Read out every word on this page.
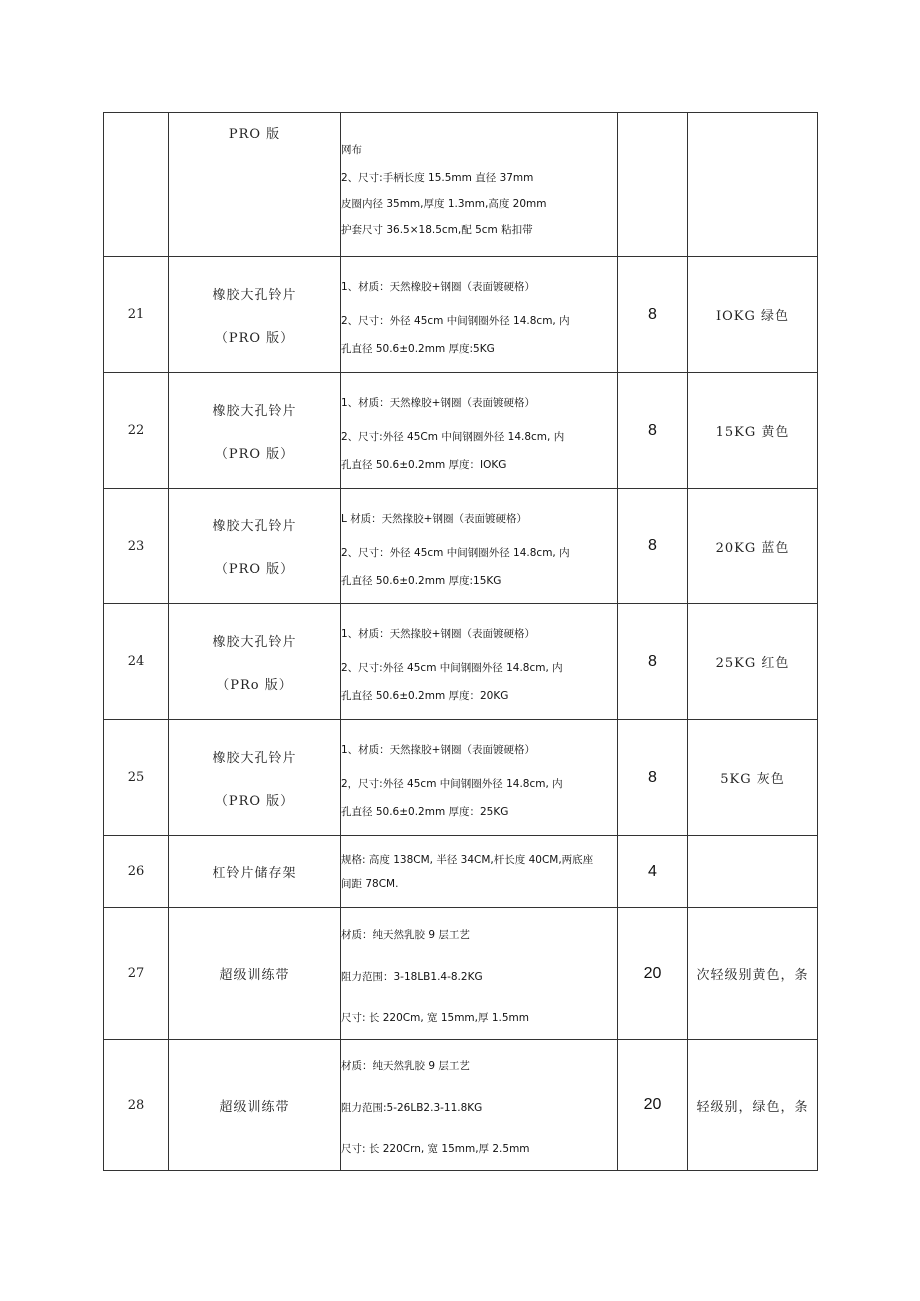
	PRO 版	网布
2、尺寸:手柄长度 15.5mm 直径 37mm
皮圈内径 35mm,厚度 1.3mm,高度 20mm
护套尺寸 36.5×18.5cm,配 5cm 粘扣带		

21	橡胶大孔铃片
（PRO 版）	1、材质：天然橡胶+钢圈（表面镀硬格）
2、尺寸：外径 45cm 中间钢圈外径 14.8cm, 内
孔直径 50.6±0.2mm 厚度:5KG	8	IOKG 绿色
22	橡胶大孔铃片
（PRO 版）	1、材质：天然橡胶+钢圈（表面镀硬格）
2、尺寸:外径 45Cm 中间钢圈外径 14.8cm, 内
孔直径 50.6±0.2mm 厚度：IOKG	8	15KG 黄色
23	橡胶大孔铃片
（PRO 版）	L 材质：天然掾胶+钢圈（表面镀硬格）
2、尺寸：外径 45cm 中间钢圈外径 14.8cm, 内
孔直径 50.6±0.2mm 厚度:15KG	8	20KG 蓝色
24	橡胶大孔铃片
（PRo 版）	1、材质：天然掾胶+钢圈（表面镀硬格）
2、尺寸:外径 45cm 中间钢圈外径 14.8cm, 内
孔直径 50.6±0.2mm 厚度：20KG	8	25KG 红色
25	橡胶大孔铃片
（PRO 版）	1、材质：天然掾胶+钢圈（表面镀硬格）
2，尺寸:外径 45cm 中间钢圈外径 14.8cm, 内
孔直径 50.6±0.2mm 厚度：25KG	8	5KG 灰色
26	杠铃片储存架	规格: 高度 138CM, 半径 34CM,杆长度 40CM,两底座
间距 78CM.	4	
27	超级训练带	材质：纯天然乳胶 9 层工艺
阻力范围：3-18LB1.4-8.2KG
尺寸: 长 220Cm, 宽 15mm,厚 1.5mm	20	次轻级别黄色，条
28	超级训练带	材质：纯天然乳胶 9 层工艺
阻力范围:5-26LB2.3-11.8KG
尺寸: 长 220Crn, 宽 15mm,厚 2.5mm	20	轻级别，绿色，条
